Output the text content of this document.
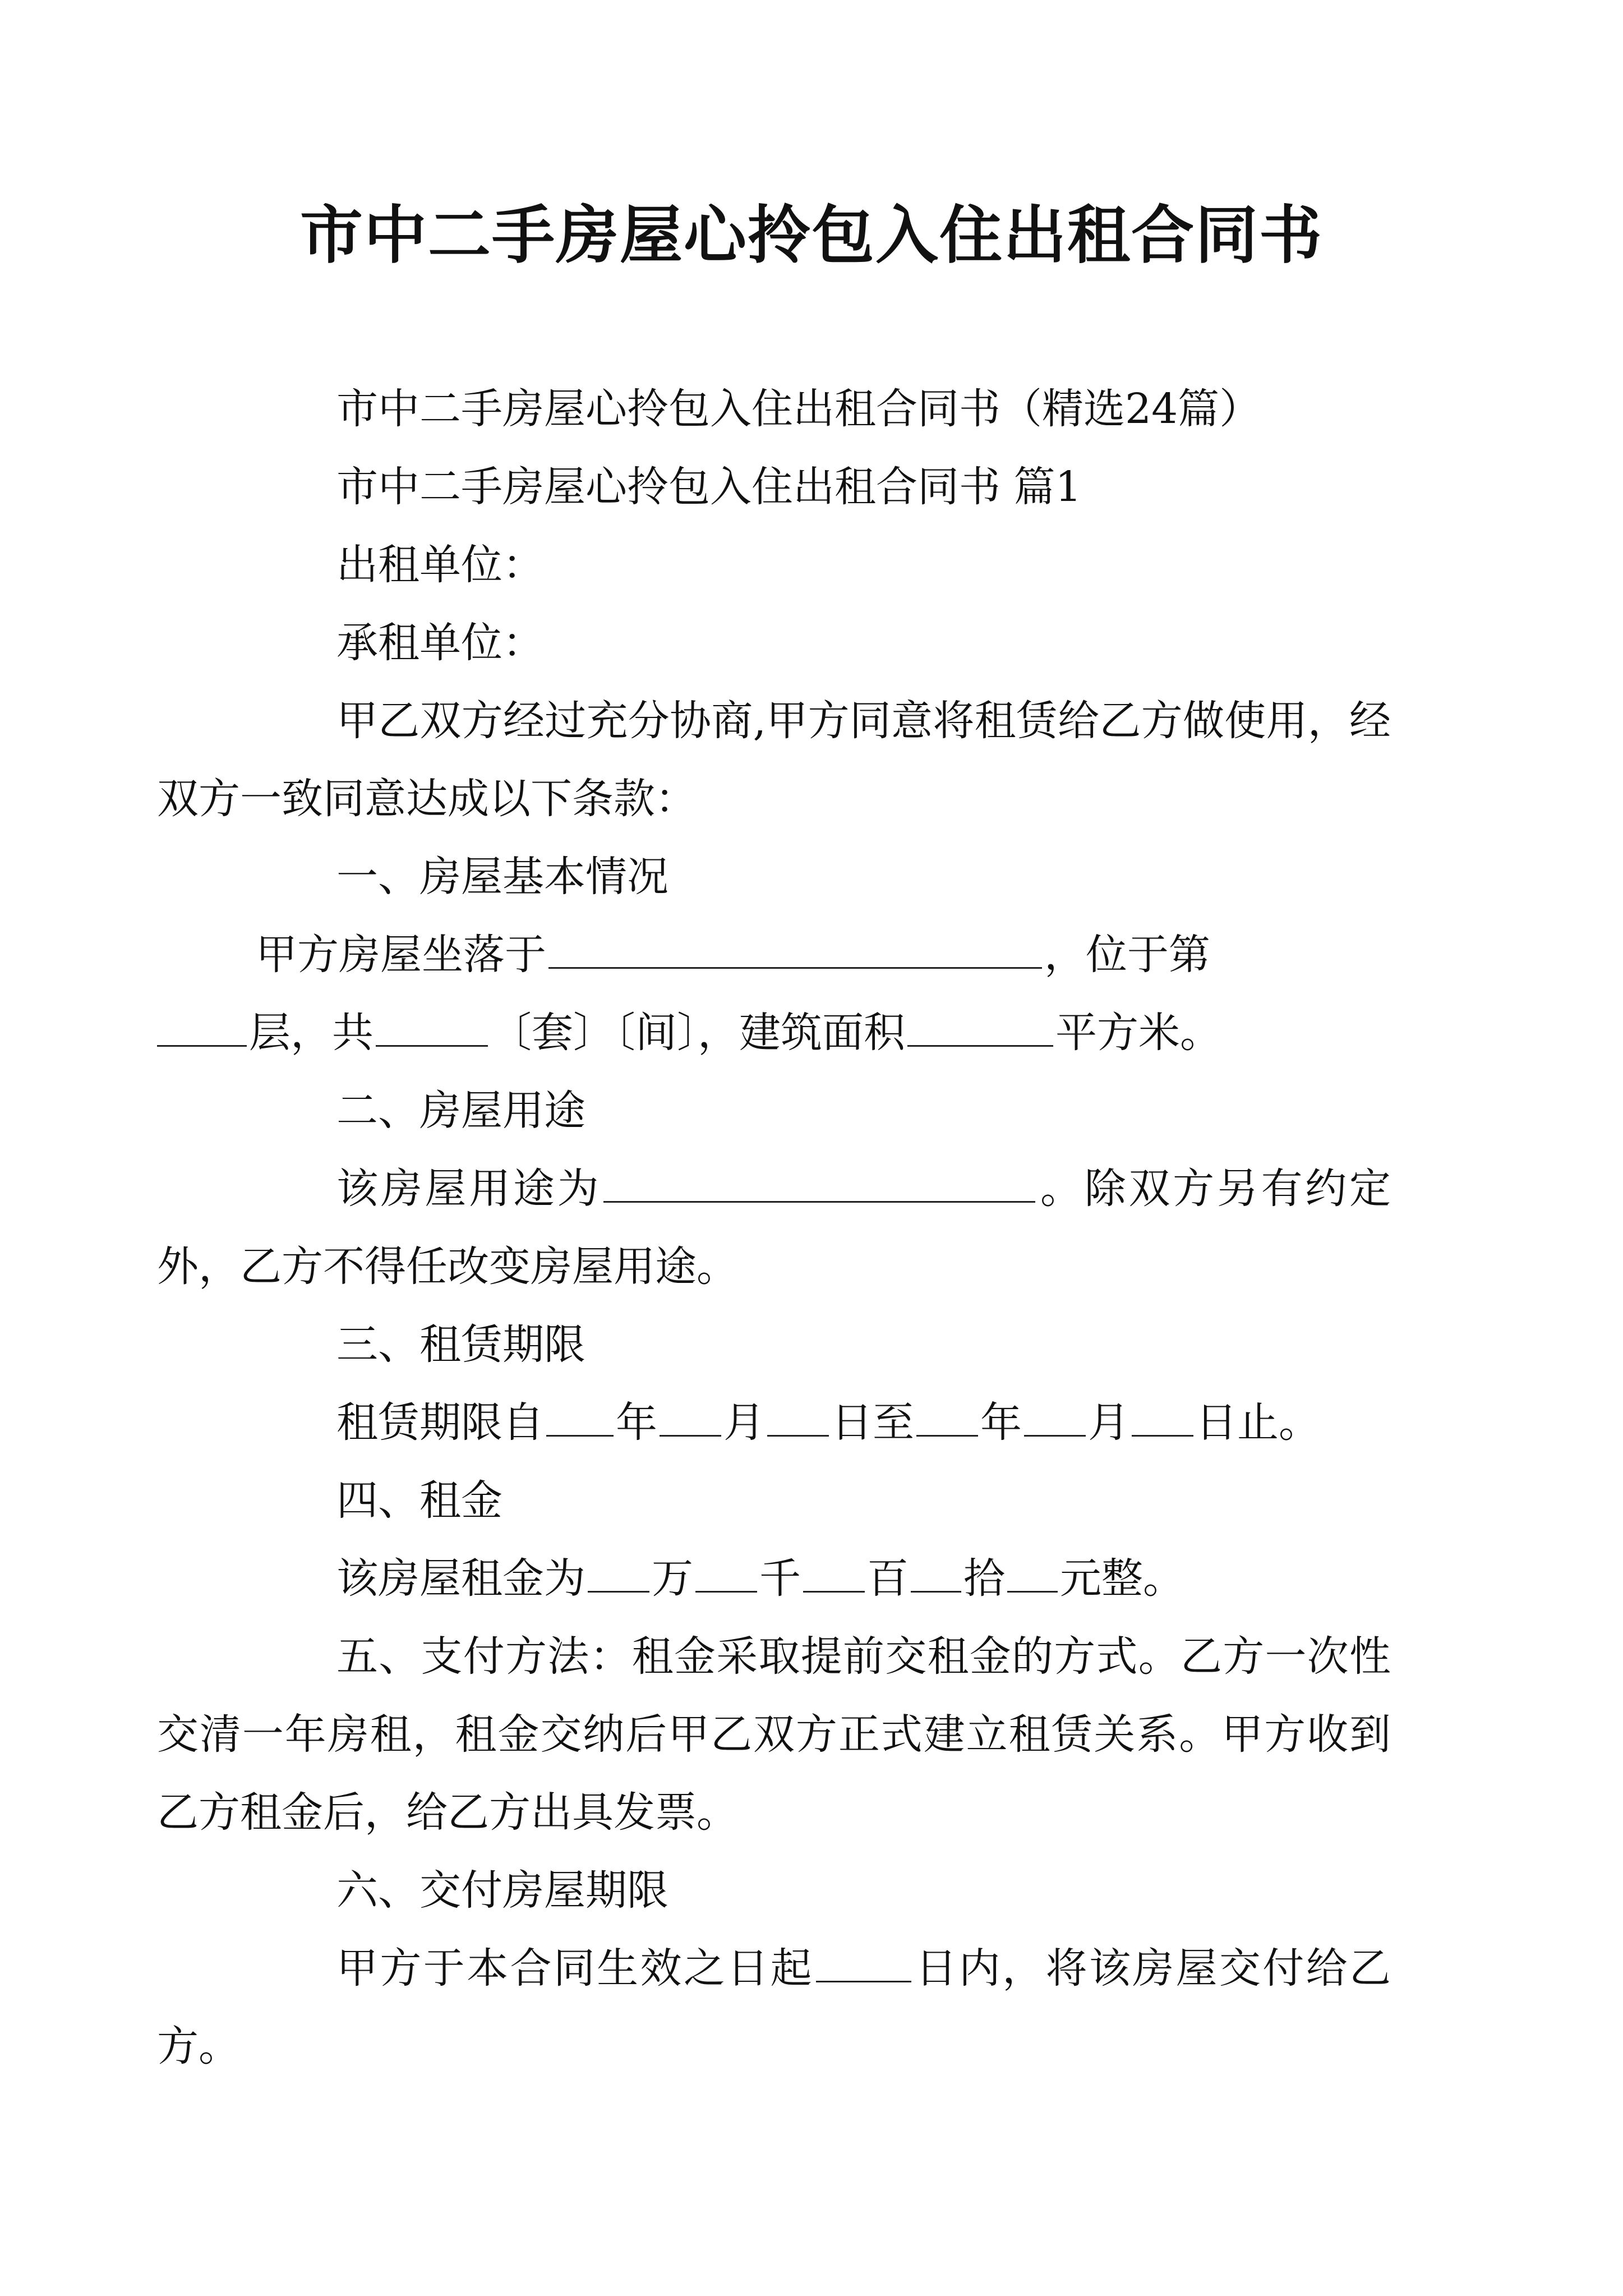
市中二手房屋心拎包入住出租合同书

市中二手房屋心拎包入住出租合同书（精选24篇）

市中二手房屋心拎包入住出租合同书 篇1

出租单位：

承租单位：

甲乙双方经过充分协商,甲方同意将租赁给乙方做使用，经双方一致同意达成以下条款：

一、房屋基本情况

甲方房屋坐落于	，位于第
层，共	〔套〕〔间〕，建筑面积	平方米。

二、房屋用途

该房屋用途为	。除双方另有约定外，乙方不得任改变房屋用途。

三、租赁期限

租赁期限自 年 月 日至 年 月 日止。

四、租金

该房屋租金为 万 千 百 拾 元整。

五、支付方法：租金采取提前交租金的方式。乙方一次性交清一年房租，租金交纳后甲乙双方正式建立租赁关系。甲方收到乙方租金后，给乙方出具发票。

六、交付房屋期限

甲方于本合同生效之日起 日内，将该房屋交付给乙方。
